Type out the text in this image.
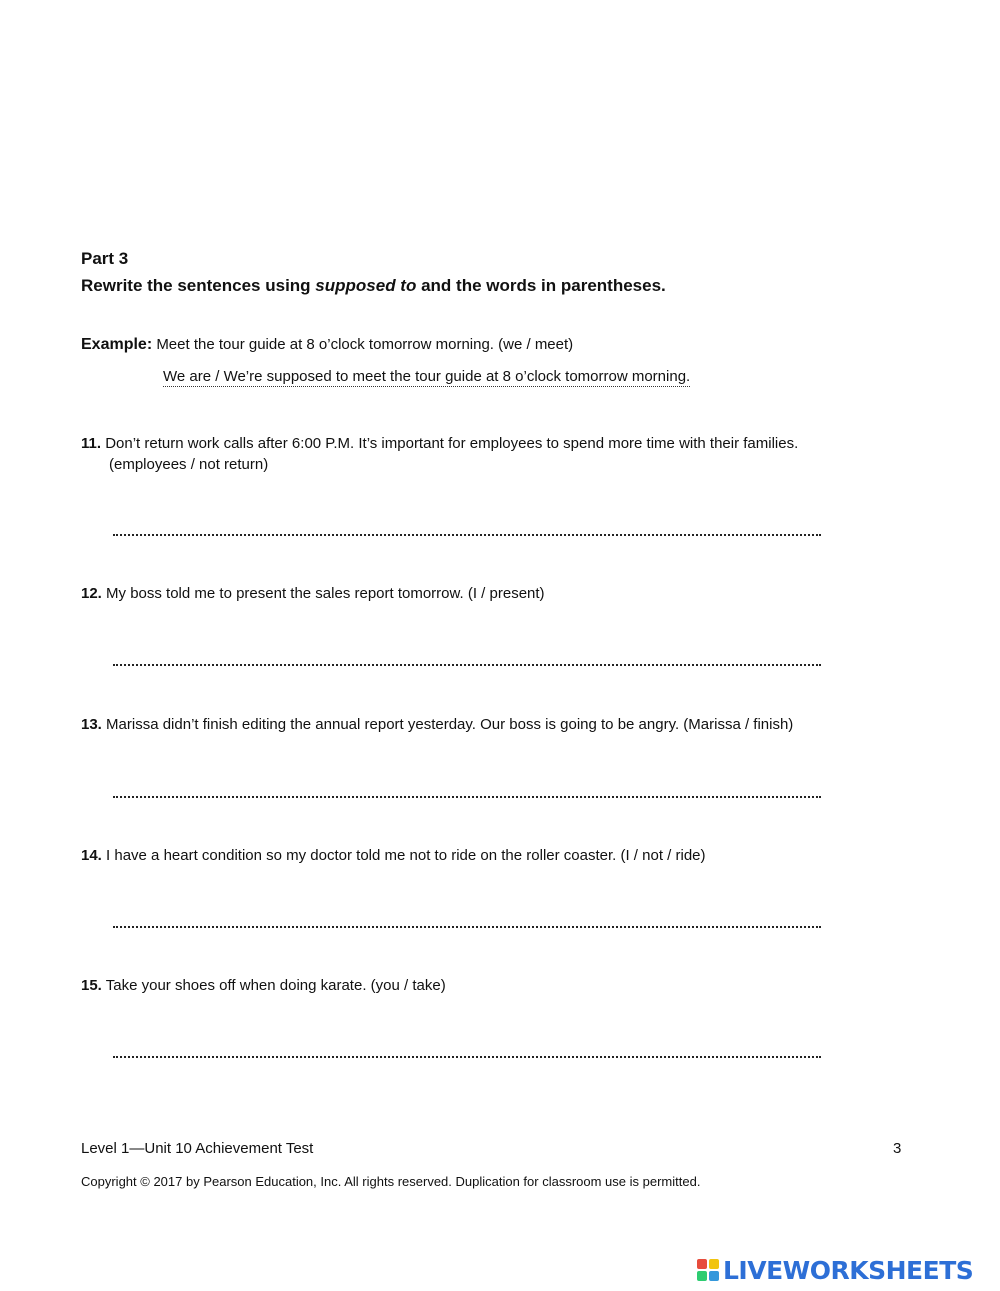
Part 3
Rewrite the sentences using supposed to and the words in parentheses.
Example: Meet the tour guide at 8 o’clock tomorrow morning. (we / meet)
We are / We’re supposed to meet the tour guide at 8 o’clock tomorrow morning.
11. Don’t return work calls after 6:00 P.M. It’s important for employees to spend more time with their families.
(employees / not return)
12. My boss told me to present the sales report tomorrow. (I / present)
13. Marissa didn’t finish editing the annual report yesterday. Our boss is going to be angry. (Marissa / finish)
14. I have a heart condition so my doctor told me not to ride on the roller coaster. (I / not / ride)
15. Take your shoes off when doing karate. (you / take)
Level 1—Unit 10 Achievement Test	3
Copyright © 2017 by Pearson Education, Inc. All rights reserved. Duplication for classroom use is permitted.
LIVEWORKSHEETS
